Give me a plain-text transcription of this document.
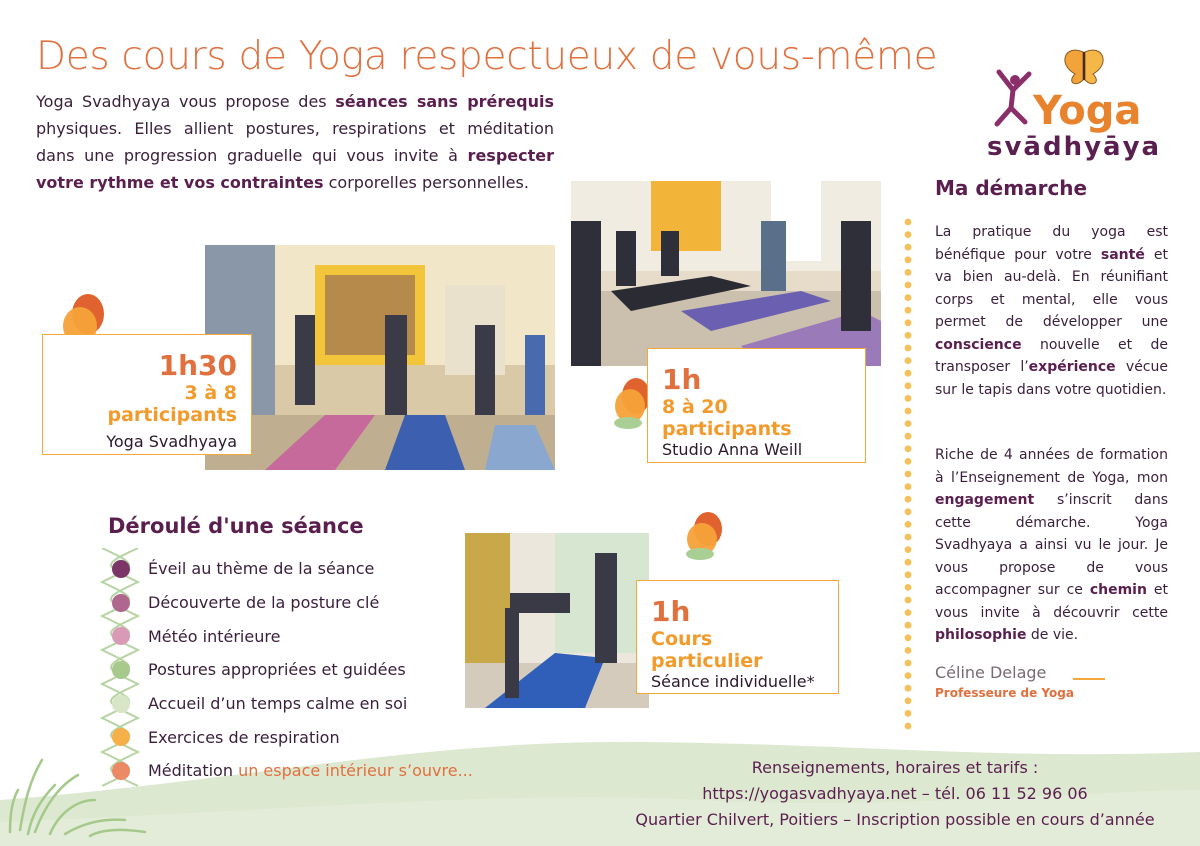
Des cours de Yoga respectueux de vous-même

Yoga Svadhyaya vous propose des séances sans prérequis physiques. Elles allient postures, respirations et méditation dans une progression graduelle qui vous invite à respecter votre rythme et vos contraintes corporelles personnelles.

Yoga
svādhyāya
1h30
3 à 8 participants
Yoga Svadhyaya
1h
8 à 20 participants
Studio Anna Weill
1h
Cours particulier
Séance individuelle*
Déroulé d'une séance
Éveil au thème de la séance
Découverte de la posture clé
Météo intérieure
Postures appropriées et guidées
Accueil d’un temps calme en soi
Exercices de respiration
Méditation un espace intérieur s’ouvre...
Ma démarche

La pratique du yoga est bénéfique pour votre santé et va bien au-delà. En réunifiant corps et mental, elle vous permet de développer une conscience nouvelle et de transposer l’expérience vécue sur le tapis dans votre quotidien.

Riche de 4 années de formation à l’Enseignement de Yoga, mon engagement s’inscrit dans cette démarche. Yoga Svadhyaya a ainsi vu le jour. Je vous propose de vous accompagner sur ce chemin et vous invite à découvrir cette philosophie de vie.

Céline Delage
Professeure de Yoga
Renseignements, horaires et tarifs :
https://yogasvadhyaya.net – tél. 06 11 52 96 06
Quartier Chilvert, Poitiers – Inscription possible en cours d’année
